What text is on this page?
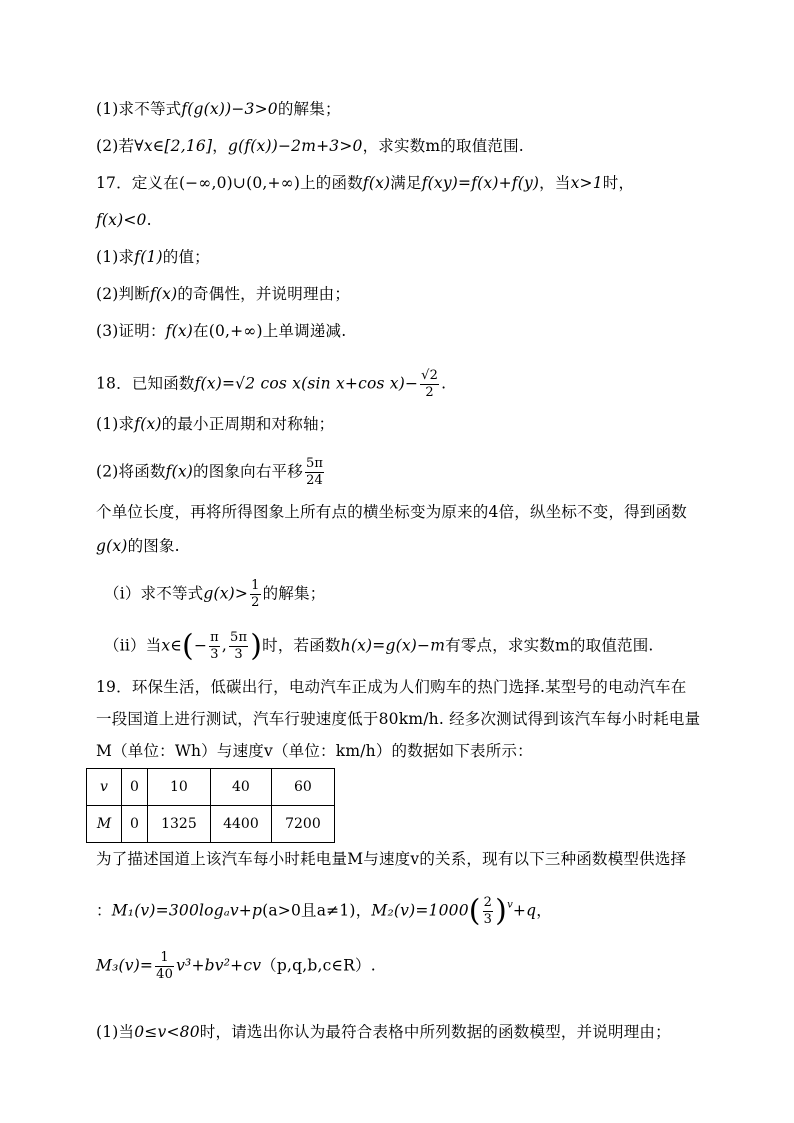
(1)求不等式f(g(x))−3>0的解集；
(2)若∀x∈[2,16]，g(f(x))−2m+3>0，求实数m的取值范围.
17．定义在(−∞,0)∪(0,+∞)上的函数f(x)满足f(xy)=f(x)+f(y)，当x>1时，
f(x)<0.
(1)求f(1)的值；
(2)判断f(x)的奇偶性，并说明理由；
(3)证明：f(x)在(0,+∞)上单调递减.
18．已知函数f(x)=√2 cos x(sin x+cos $x)- \frac{√2}{2}$ .
(1)求f(x)的最小正周期和对称轴；
(2)将函数f(x)的图象向右平移 $\frac{5\pi}{24}$
个单位长度，再将所得图象上所有点的横坐标变为原来的4倍，纵坐标不变，得到函数
g(x)的图象.
（i）求不等式$g(x)> \frac{1}{2}$ 的解集；
（ii）当x∈(− $\frac{\pi}{3}$ , $\frac{5\pi}{3}$ )时，若函数h(x)=g(x)−m有零点，求实数m的取值范围.
19．环保生活，低碳出行，电动汽车正成为人们购车的热门选择.某型号的电动汽车在
一段国道上进行测试，汽车行驶速度低于80km/h. 经多次测试得到该汽车每小时耗电量
M（单位：Wh）与速度v（单位：km/h）的数据如下表所示：
v	0	10	40	60
M	0	1325	4400	7200
为了描述国道上该汽车每小时耗电量M与速度v的关系，现有以下三种函数模型供选择
：M₁(v)=300logₐv+p(a>0且a≠1)，$M_2(v)=1000( \frac{2}{3} )^v+q$，
$M_3(v)= \frac{1}{40}$ v³+bv²+cv（p,q,b,c∈R）.
(1)当0≤v<80时，请选出你认为最符合表格中所列数据的函数模型，并说明理由；
